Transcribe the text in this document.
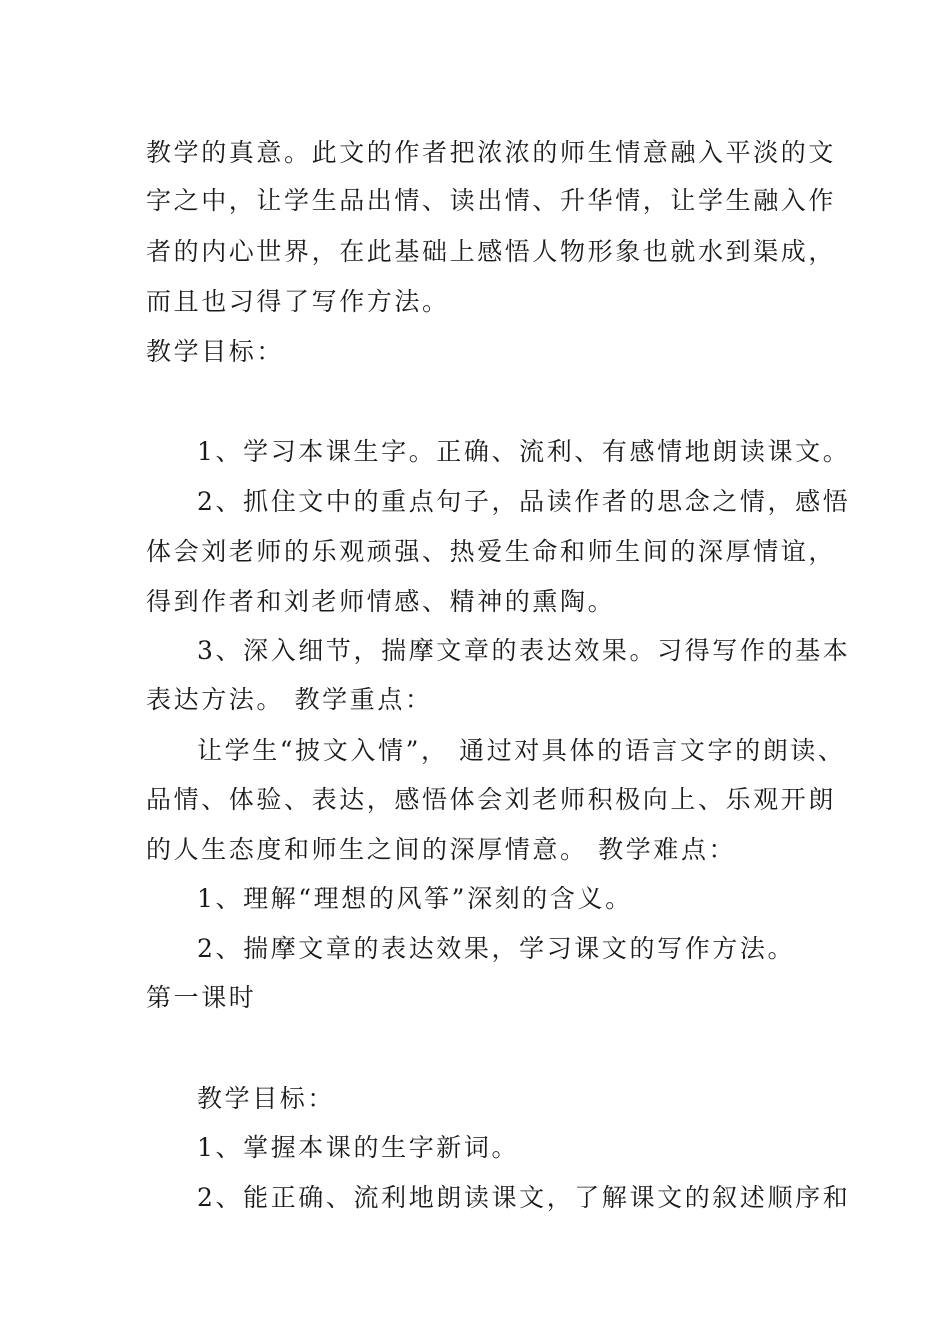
教学的真意。此文的作者把浓浓的师生情意融入平淡的文
字之中，让学生品出情、读出情、升华情，让学生融入作
者的内心世界，在此基础上感悟人物形象也就水到渠成，
而且也习得了写作方法。
教学目标：
1、学习本课生字。正确、流利、有感情地朗读课文。
2、抓住文中的重点句子，品读作者的思念之情，感悟
体会刘老师的乐观顽强、热爱生命和师生间的深厚情谊，
得到作者和刘老师情感、精神的熏陶。
3、深入细节，揣摩文章的表达效果。习得写作的基本
表达方法。 教学重点：
让学生“披文入情”， 通过对具体的语言文字的朗读、
品情、体验、表达，感悟体会刘老师积极向上、乐观开朗
的人生态度和师生之间的深厚情意。 教学难点：
1、理解“理想的风筝”深刻的含义。
2、揣摩文章的表达效果，学习课文的写作方法。
第一课时
教学目标：
1、掌握本课的生字新词。
2、能正确、流利地朗读课文，了解课文的叙述顺序和
